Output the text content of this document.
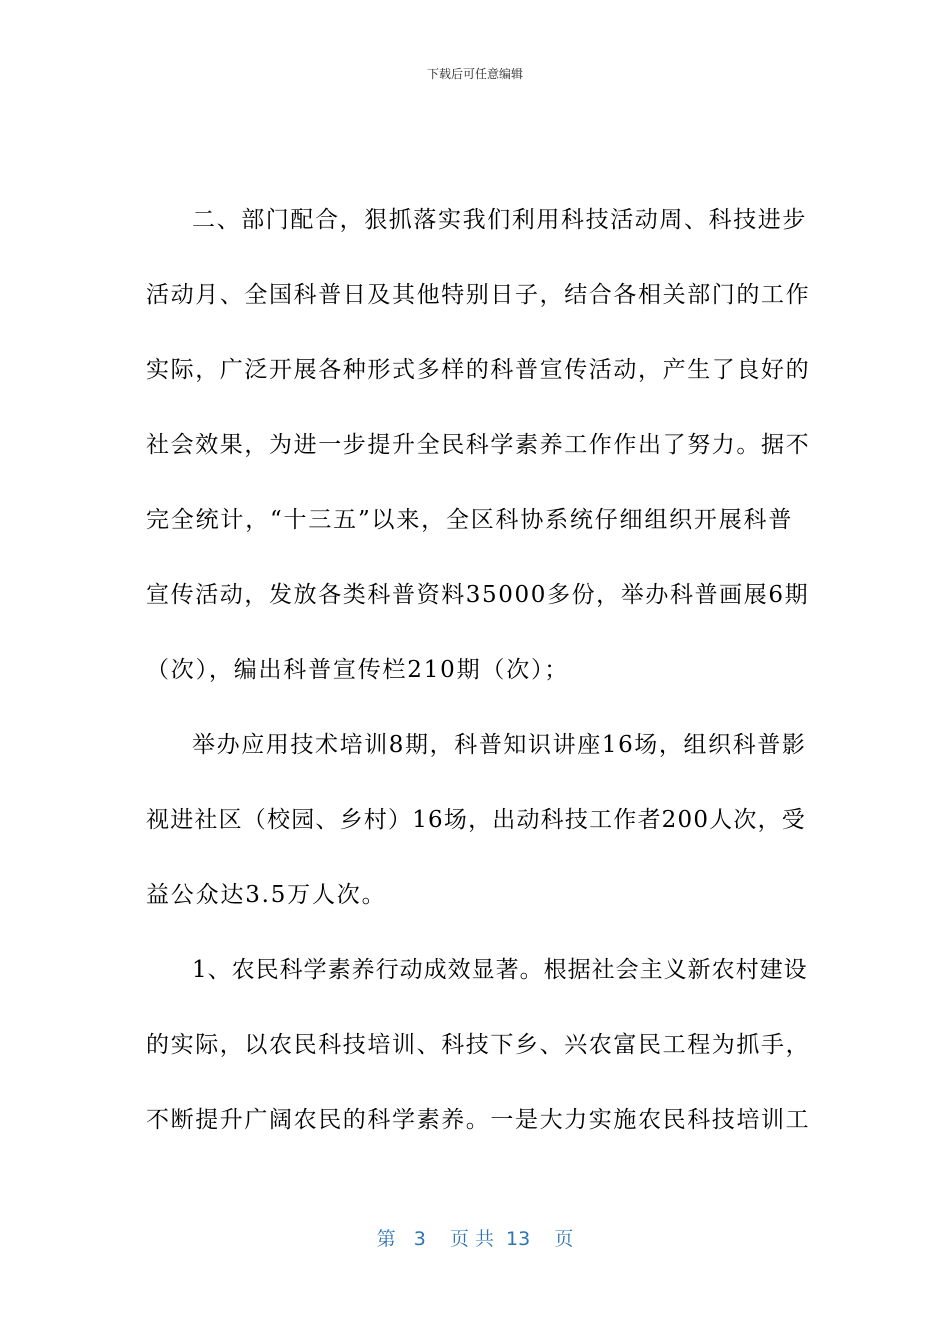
下载后可任意编辑
二、部门配合，狠抓落实我们利用科技活动周、科技进步
活动月、全国科普日及其他特别日子，结合各相关部门的工作
实际，广泛开展各种形式多样的科普宣传活动，产生了良好的
社会效果，为进一步提升全民科学素养工作作出了努力。据不
完全统计，“十三五”以来，全区科协系统仔细组织开展科普
宣传活动，发放各类科普资料35000多份，举办科普画展6期
（次），编出科普宣传栏210期（次）；
举办应用技术培训8期，科普知识讲座16场，组织科普影
视进社区（校园、乡村）16场，出动科技工作者200人次，受
益公众达3.5万人次。
1、农民科学素养行动成效显著。根据社会主义新农村建设
的实际，以农民科技培训、科技下乡、兴农富民工程为抓手，
不断提升广阔农民的科学素养。一是大力实施农民科技培训工
第   3    页 共  13    页
